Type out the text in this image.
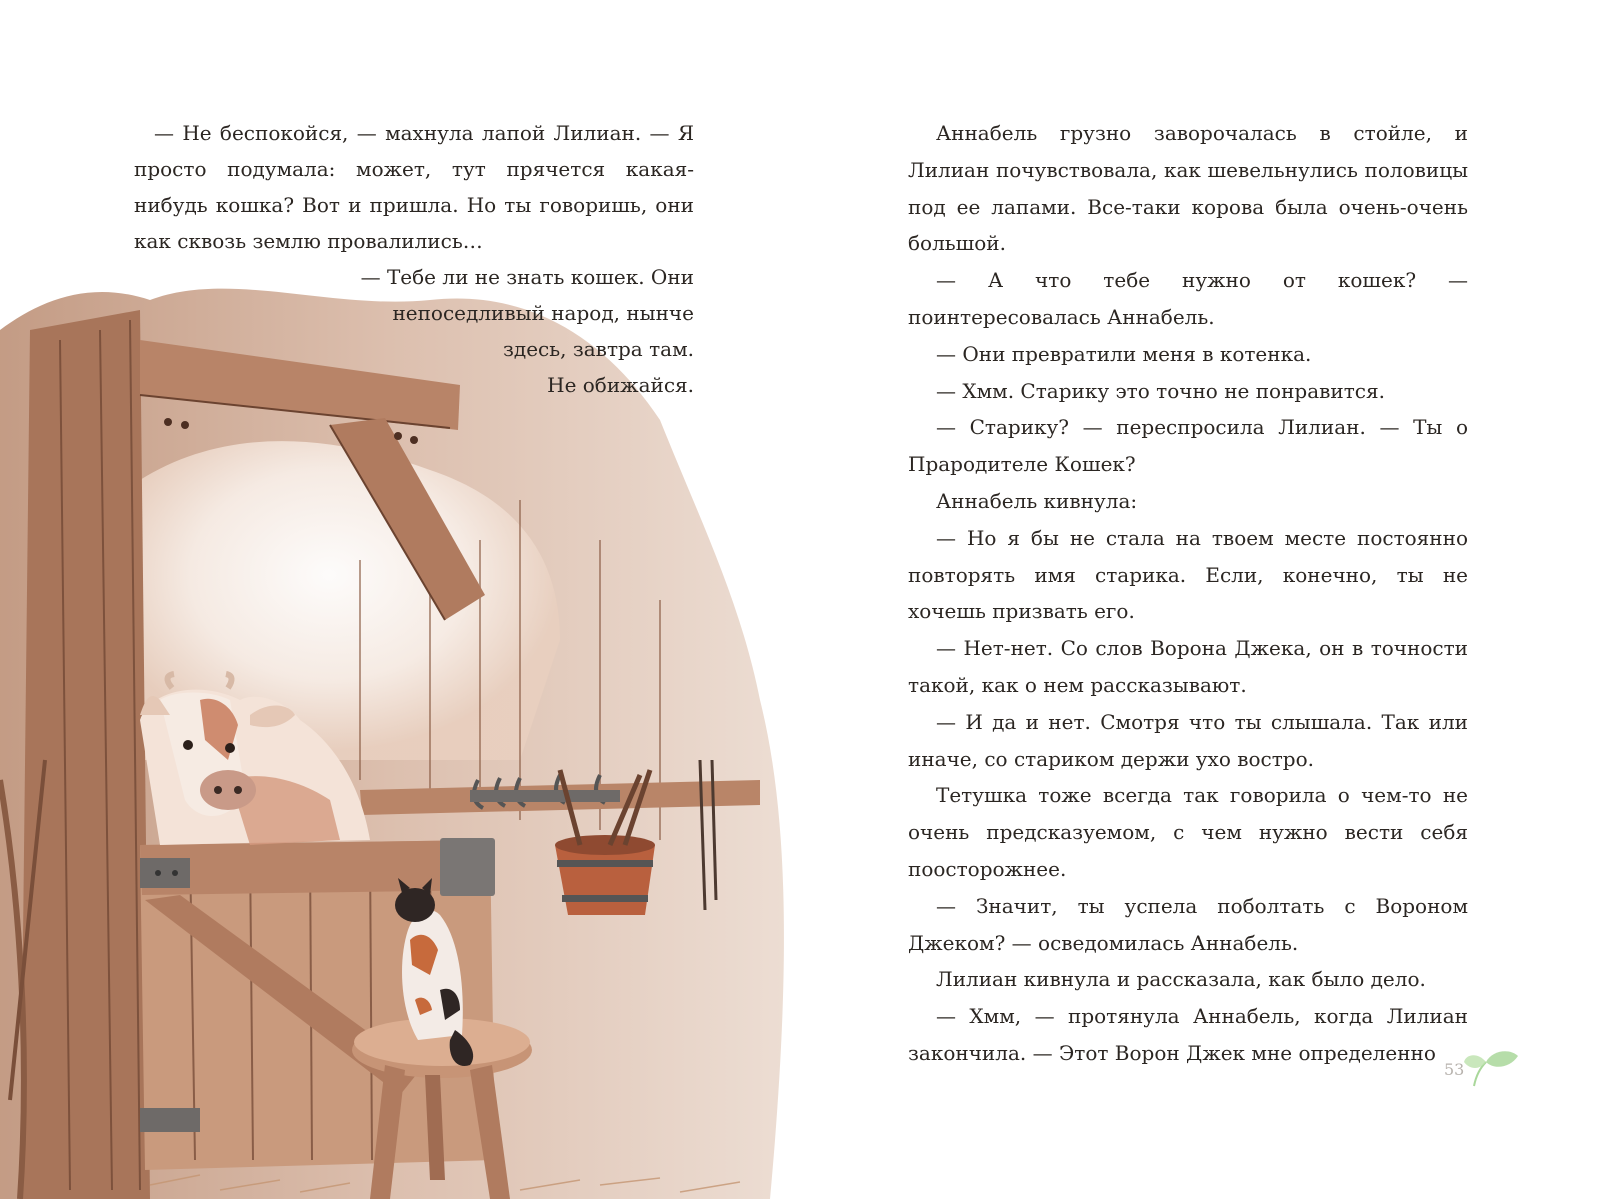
— Не беспокойся, — махнула лапой Лилиан. — Я просто подумала: может, тут прячется какая-нибудь кошка? Вот и пришла. Но ты говоришь, они как сквозь землю провалились…

— Тебе ли не знать кошек. Они
непоседливый народ, нынче
здесь, завтра там.
Не обижайся.

Аннабель грузно заворочалась в стойле, и Лилиан почувствовала, как шевельнулись половицы под ее лапами. Все-таки корова была очень-очень большой.

— А что тебе нужно от кошек? — поинтересовалась Аннабель.

— Они превратили меня в котенка.

— Хмм. Старику это точно не понравится.

— Старику? — переспросила Лилиан. — Ты о Прародителе Кошек?

Аннабель кивнула:

— Но я бы не стала на твоем месте постоянно повторять имя старика. Если, конечно, ты не хочешь призвать его.

— Нет-нет. Со слов Ворона Джека, он в точности такой, как о нем рассказывают.

— И да и нет. Смотря что ты слышала. Так или иначе, со стариком держи ухо востро.

Тетушка тоже всегда так говорила о чем-то не очень предсказуемом, с чем нужно вести себя поосторожнее.

— Значит, ты успела поболтать с Вороном Джеком? — осведомилась Аннабель.

Лилиан кивнула и рассказала, как было дело.

— Хмм, — протянула Аннабель, когда Лилиан закончила. — Этот Ворон Джек мне определенно

53
